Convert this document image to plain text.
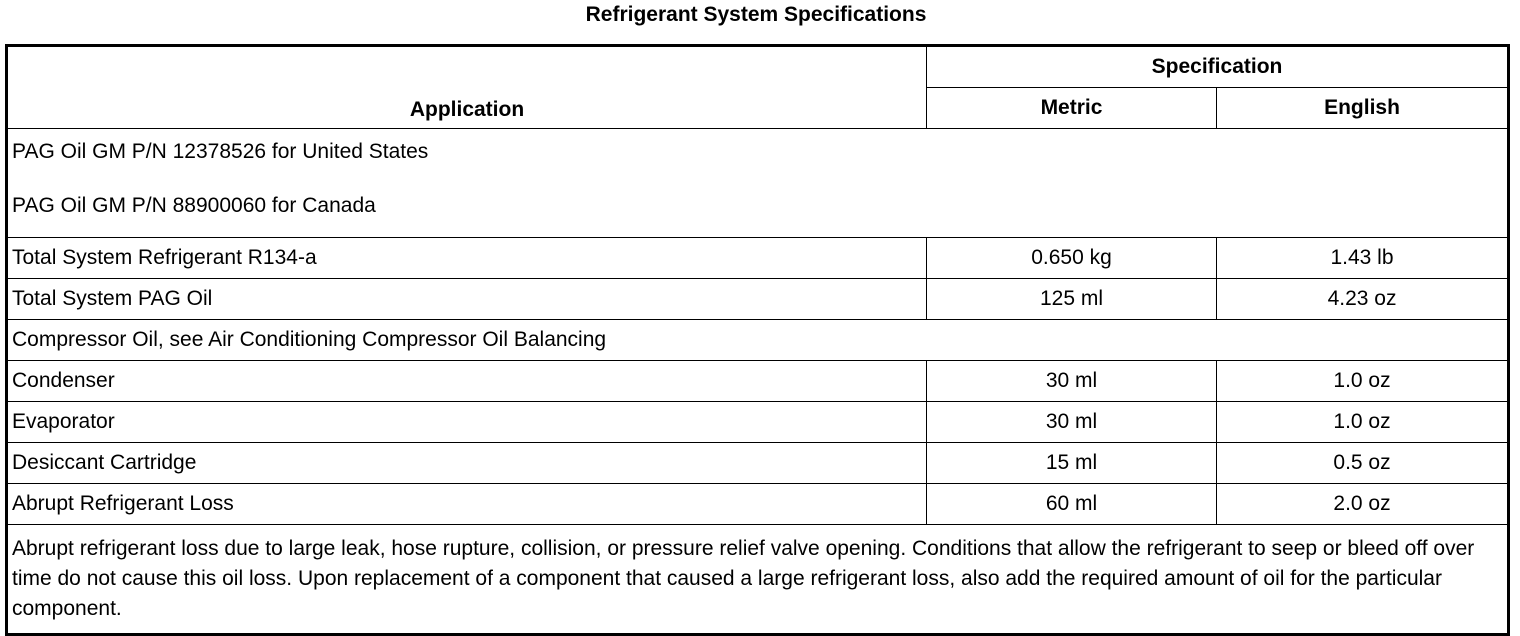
Refrigerant System Specifications
Application	Specification	
	Metric	English

PAG Oil GM P/N 12378526 for United States
PAG Oil GM P/N 88900060 for Canada		

Total System Refrigerant R134-a	0.650 kg	1.43 lb
Total System PAG Oil	125 ml	4.23 oz
Compressor Oil, see Air Conditioning Compressor Oil Balancing		
Condenser	30 ml	1.0 oz
Evaporator	30 ml	1.0 oz
Desiccant Cartridge	15 ml	0.5 oz
Abrupt Refrigerant Loss	60 ml	2.0 oz
Abrupt refrigerant loss due to large leak, hose rupture, collision, or pressure relief valve opening. Conditions that allow the refrigerant to seep or bleed off over time do not cause this oil loss. Upon replacement of a component that caused a large refrigerant loss, also add the required amount of oil for the particular component.		
